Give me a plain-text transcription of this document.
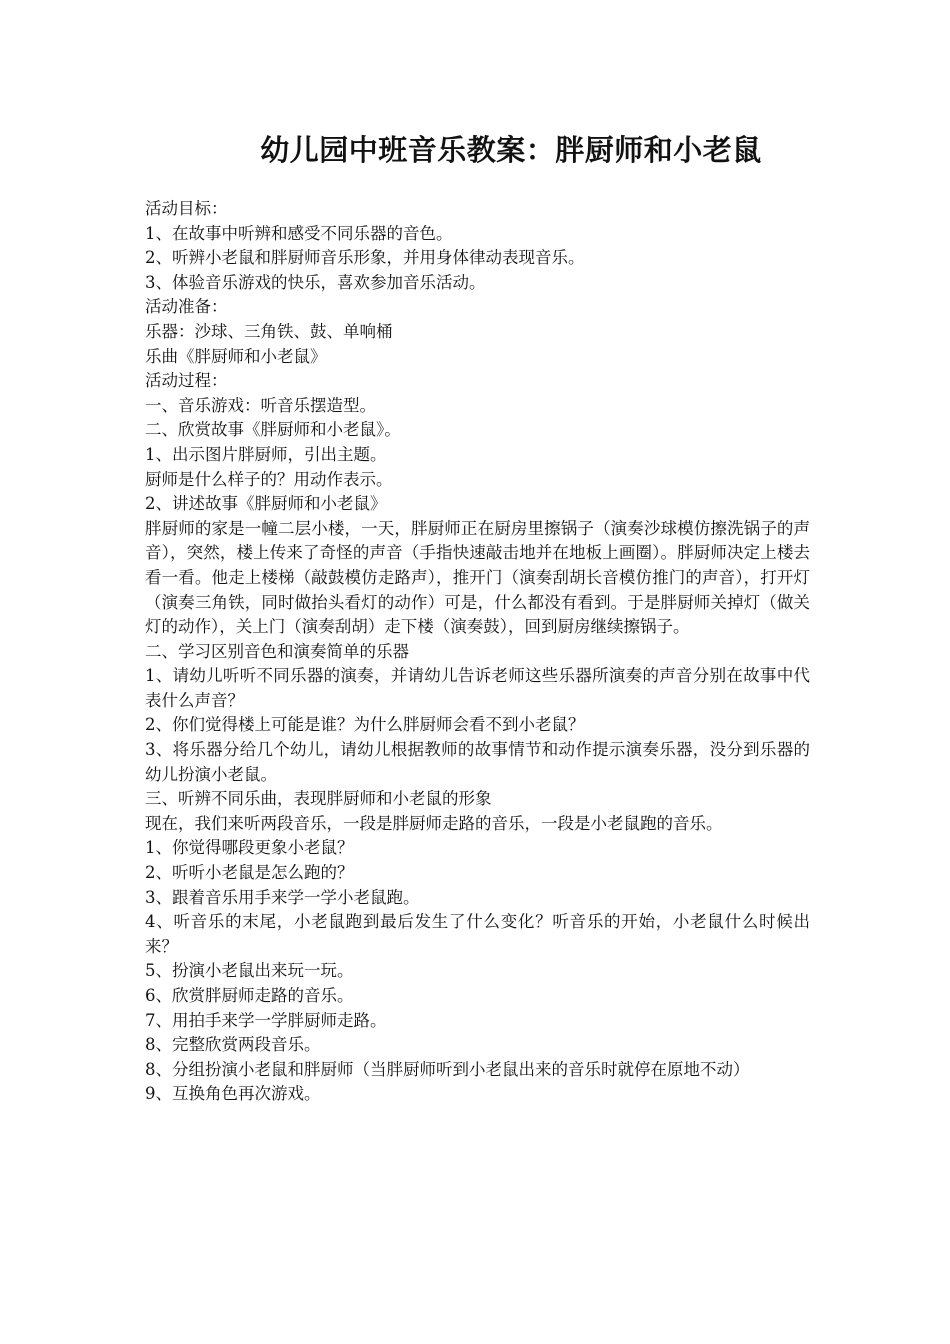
幼儿园中班音乐教案：胖厨师和小老鼠

活动目标：

1、在故事中听辨和感受不同乐器的音色。

2、听辨小老鼠和胖厨师音乐形象，并用身体律动表现音乐。

3、体验音乐游戏的快乐，喜欢参加音乐活动。

活动准备：

乐器：沙球、三角铁、鼓、单响桶

乐曲《胖厨师和小老鼠》

活动过程：

一、音乐游戏：听音乐摆造型。

二、欣赏故事《胖厨师和小老鼠》。

1、出示图片胖厨师，引出主题。

厨师是什么样子的？用动作表示。

2、讲述故事《胖厨师和小老鼠》

胖厨师的家是一幢二层小楼，一天，胖厨师正在厨房里擦锅子（演奏沙球模仿擦洗锅子的声音），突然，楼上传来了奇怪的声音（手指快速敲击地并在地板上画圈）。胖厨师决定上楼去看一看。他走上楼梯（敲鼓模仿走路声），推开门（演奏刮胡长音模仿推门的声音），打开灯（演奏三角铁，同时做抬头看灯的动作）可是，什么都没有看到。于是胖厨师关掉灯（做关灯的动作），关上门（演奏刮胡）走下楼（演奏鼓），回到厨房继续擦锅子。

二、学习区别音色和演奏简单的乐器

1、请幼儿听听不同乐器的演奏，并请幼儿告诉老师这些乐器所演奏的声音分别在故事中代表什么声音？

2、你们觉得楼上可能是谁？为什么胖厨师会看不到小老鼠？

3、将乐器分给几个幼儿，请幼儿根据教师的故事情节和动作提示演奏乐器，没分到乐器的幼儿扮演小老鼠。

三、听辨不同乐曲，表现胖厨师和小老鼠的形象

现在，我们来听两段音乐，一段是胖厨师走路的音乐，一段是小老鼠跑的音乐。

1、你觉得哪段更象小老鼠？

2、听听小老鼠是怎么跑的？

3、跟着音乐用手来学一学小老鼠跑。

4、听音乐的末尾，小老鼠跑到最后发生了什么变化？听音乐的开始，小老鼠什么时候出来？

5、扮演小老鼠出来玩一玩。

6、欣赏胖厨师走路的音乐。

7、用拍手来学一学胖厨师走路。

8、完整欣赏两段音乐。

8、分组扮演小老鼠和胖厨师（当胖厨师听到小老鼠出来的音乐时就停在原地不动）

9、互换角色再次游戏。
